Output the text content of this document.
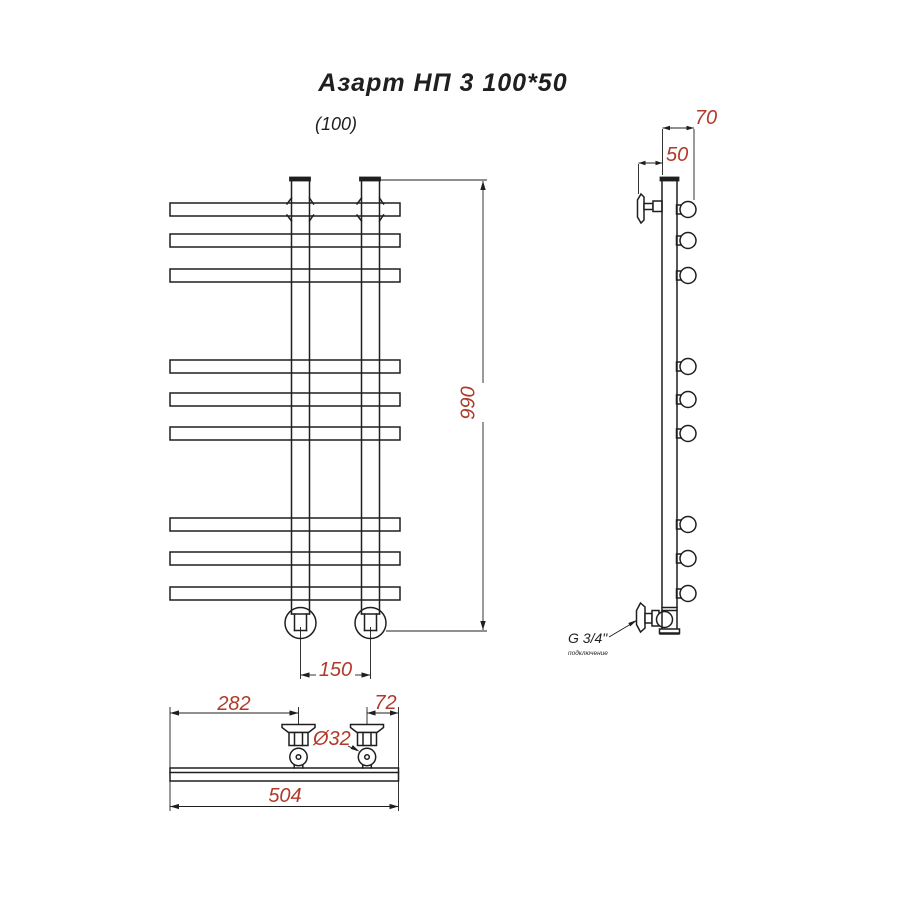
Азарт НП 3 100*50
(100)
990
150
70
50
G 3/4"
подключение
282	72
Ø32
504
